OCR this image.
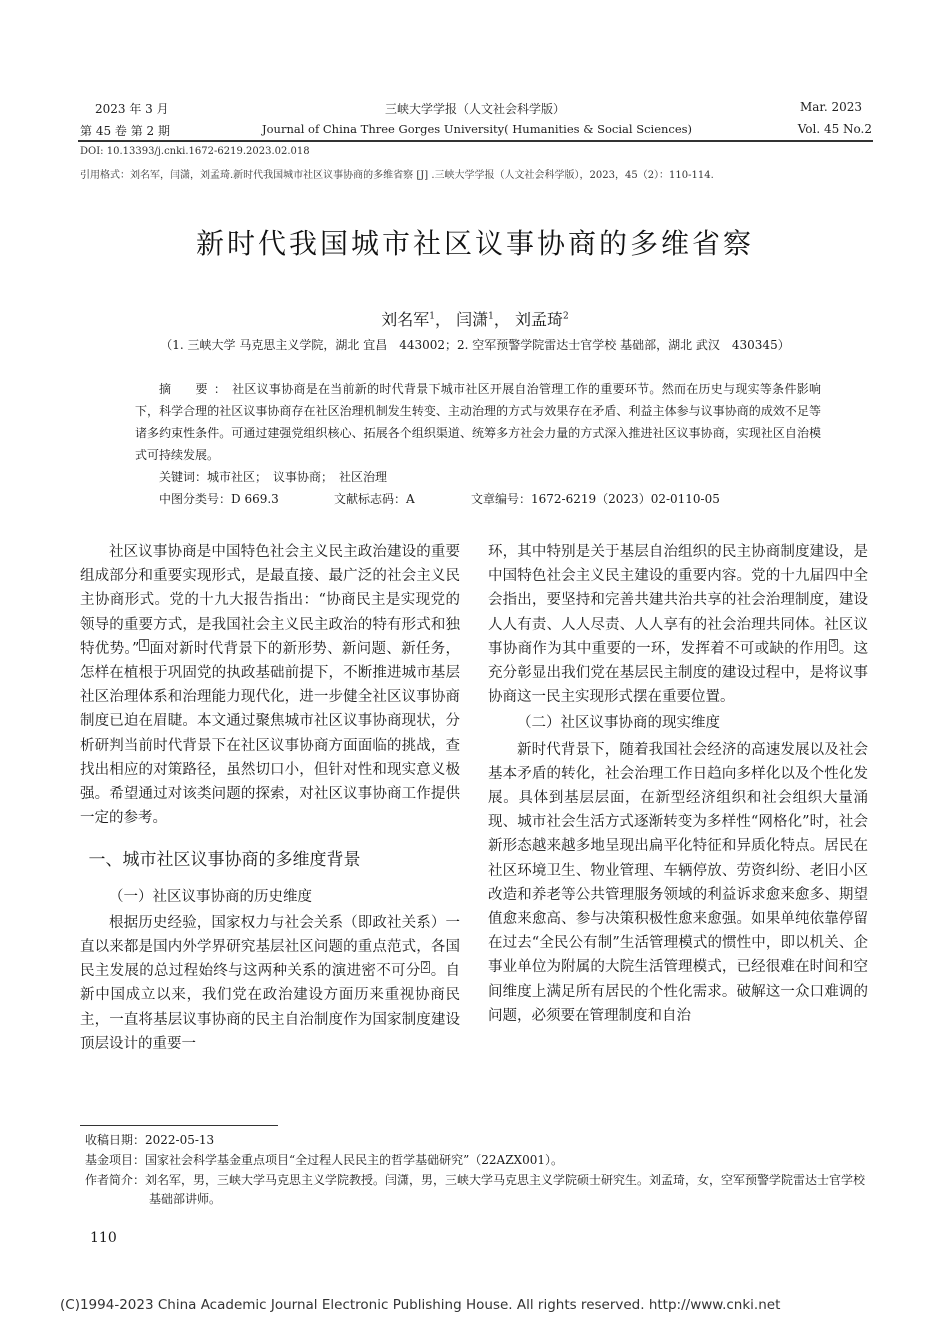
2023 年 3 月	三峡大学学报（人文社会科学版）	Mar. 2023
第 45 卷 第 2 期	Journal of China Three Gorges University( Humanities & Social Sciences)	Vol. 45 No.2
DOI: 10.13393/j.cnki.1672-6219.2023.02.018
引用格式：刘名军，闫潇，刘孟琦.新时代我国城市社区议事协商的多维省察 [J] .三峡大学学报（人文社会科学版），2023，45（2）：110-114.
新时代我国城市社区议事协商的多维省察
刘名军$^1$， 闫潇$^1$， 刘孟琦$^2$
（1. 三峡大学 马克思主义学院，湖北 宜昌　443002；2. 空军预警学院雷达士官学校 基础部，湖北 武汉　430345）
摘　要：社区议事协商是在当前新的时代背景下城市社区开展自治管理工作的重要环节。然而在历史与现实等条件影响下，科学合理的社区议事协商存在社区治理机制发生转变、主动治理的方式与效果存在矛盾、利益主体参与议事协商的成效不足等诸多约束性条件。可通过建强党组织核心、拓展各个组织渠道、统筹多方社会力量的方式深入推进社区议事协商，实现社区自治模式可持续发展。
关键词：城市社区；　议事协商；　社区治理
中图分类号：D 669.3	文献标志码：A	文章编号：1672-6219（2023）02-0110-05

社区议事协商是中国特色社会主义民主政治建设的重要组成部分和重要实现形式，是最直接、最广泛的社会主义民主协商形式。党的十九大报告指出：“协商民主是实现党的领导的重要方式，是我国社会主义民主政治的特有形式和独特优势。” $^1$ 面对新时代背景下的新形势、新问题、新任务，怎样在植根于巩固党的执政基础前提下，不断推进城市基层社区治理体系和治理能力现代化，进一步健全社区议事协商制度已迫在眉睫。本文通过聚焦城市社区议事协商现状，分析研判当前时代背景下在社区议事协商方面面临的挑战，查找出相应的对策路径，虽然切口小，但针对性和现实意义极强。希望通过对该类问题的探索，对社区议事协商工作提供一定的参考。

一、城市社区议事协商的多维度背景
（一）社区议事协商的历史维度

根据历史经验，国家权力与社会关系（即政社关系）一直以来都是国内外学界研究基层社区问题的重点范式，各国民主发展的总过程始终与这两种关系的演进密不可分 $^2$ 。自新中国成立以来，我们党在政治建设方面历来重视协商民主，一直将基层议事协商的民主自治制度作为国家制度建设顶层设计的重要一

环，其中特别是关于基层自治组织的民主协商制度建设，是中国特色社会主义民主建设的重要内容。党的十九届四中全会指出，要坚持和完善共建共治共享的社会治理制度，建设人人有责、人人尽责、人人享有的社会治理共同体。社区议事协商作为其中重要的一环，发挥着不可或缺的作用 $^3$ 。这充分彰显出我们党在基层民主制度的建设过程中，是将议事协商这一民主实现形式摆在重要位置。

（二）社区议事协商的现实维度

新时代背景下，随着我国社会经济的高速发展以及社会基本矛盾的转化，社会治理工作日趋向多样化以及个性化发展。具体到基层层面，在新型经济组织和社会组织大量涌现、城市社会生活方式逐渐转变为多样性“网格化”时，社会新形态越来越多地呈现出扁平化特征和异质化特点。居民在社区环境卫生、物业管理、车辆停放、劳资纠纷、老旧小区改造和养老等公共管理服务领域的利益诉求愈来愈多、期望值愈来愈高、参与决策积极性愈来愈强。如果单纯依靠停留在过去“全民公有制”生活管理模式的惯性中，即以机关、企事业单位为附属的大院生活管理模式，已经很难在时间和空间维度上满足所有居民的个性化需求。破解这一众口难调的问题，必须要在管理制度和自治

收稿日期：2022-05-13
基金项目：国家社会科学基金重点项目“全过程人民民主的哲学基础研究”（22AZX001）。
作者简介：刘名军，男，三峡大学马克思主义学院教授。闫潇，男，三峡大学马克思主义学院硕士研究生。刘孟琦，女，空军预警学院雷达士官学校基础部讲师。
110
(C)1994-2023 China Academic Journal Electronic Publishing House. All rights reserved. http://www.cnki.net
